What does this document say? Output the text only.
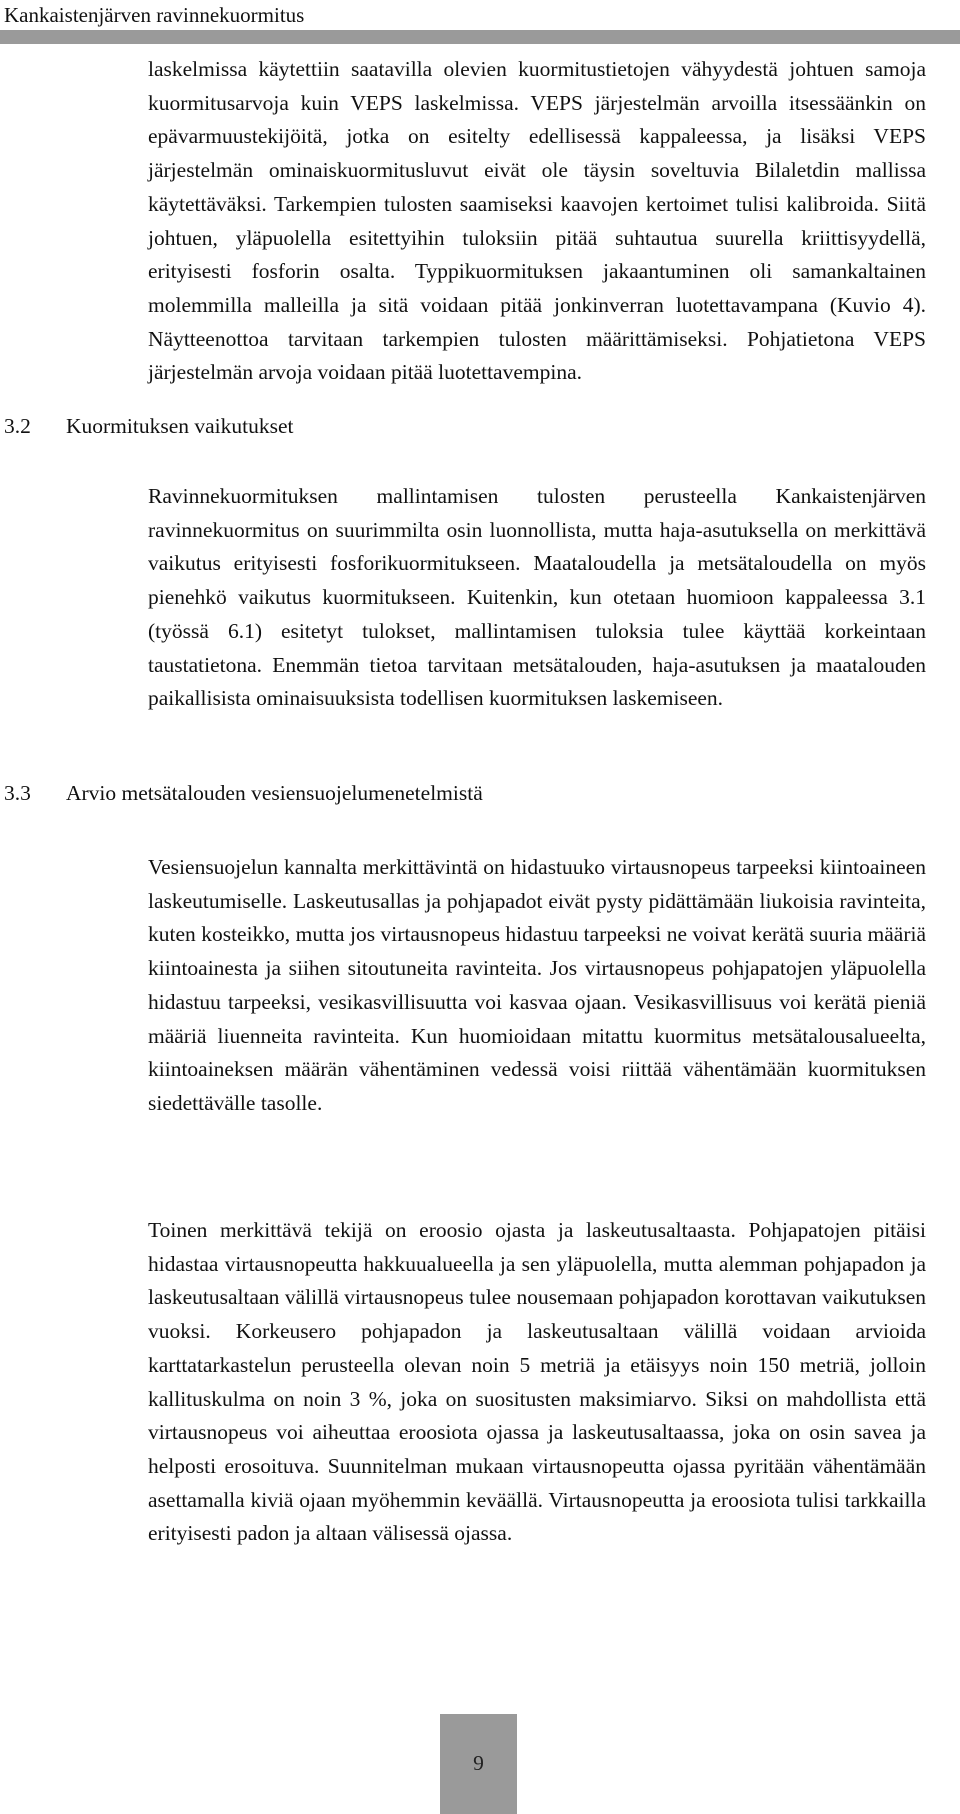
Kankaistenjärven ravinnekuormitus

laskelmissa käytettiin saatavilla olevien kuormitustietojen vähyydestä johtuen samoja kuormitusarvoja kuin VEPS laskelmissa. VEPS järjestelmän arvoilla itsessäänkin on epävarmuustekijöitä, jotka on esitelty edellisessä kappaleessa, ja lisäksi VEPS järjestelmän ominaiskuormitusluvut eivät ole täysin soveltuvia Bilaletdin mallissa käytettäväksi. Tarkempien tulosten saamiseksi kaavojen kertoimet tulisi kalibroida. Siitä johtuen, yläpuolella esitettyihin tuloksiin pitää suhtautua suurella kriittisyydellä, erityisesti fosforin osalta. Typpikuormituksen jakaantuminen oli samankaltainen molemmilla malleilla ja sitä voidaan pitää jonkinverran luotettavampana (Kuvio 4). Näytteenottoa tarvitaan tarkempien tulosten määrittämiseksi. Pohjatietona VEPS järjestelmän arvoja voidaan pitää luotettavempina.

3.2 Kuormituksen vaikutukset

Ravinnekuormituksen mallintamisen tulosten perusteella Kankaistenjärven ravinnekuormitus on suurimmilta osin luonnollista, mutta haja-asutuksella on merkittävä vaikutus erityisesti fosforikuormitukseen. Maataloudella ja metsätaloudella on myös pienehkö vaikutus kuormitukseen. Kuitenkin, kun otetaan huomioon kappaleessa 3.1 (työssä 6.1) esitetyt tulokset, mallintamisen tuloksia tulee käyttää korkeintaan taustatietona. Enemmän tietoa tarvitaan metsätalouden, haja-asutuksen ja maatalouden paikallisista ominaisuuksista todellisen kuormituksen laskemiseen.

3.3 Arvio metsätalouden vesiensuojelumenetelmistä

Vesiensuojelun kannalta merkittävintä on hidastuuko virtausnopeus tarpeeksi kiintoaineen laskeutumiselle. Laskeutusallas ja pohjapadot eivät pysty pidättämään liukoisia ravinteita, kuten kosteikko, mutta jos virtausnopeus hidastuu tarpeeksi ne voivat kerätä suuria määriä kiintoainesta ja siihen sitoutuneita ravinteita. Jos virtausnopeus pohjapatojen yläpuolella hidastuu tarpeeksi, vesikasvillisuutta voi kasvaa ojaan. Vesikasvillisuus voi kerätä pieniä määriä liuenneita ravinteita. Kun huomioidaan mitattu kuormitus metsätalousalueelta, kiintoaineksen määrän vähentäminen vedessä voisi riittää vähentämään kuormituksen siedettävälle tasolle.

Toinen merkittävä tekijä on eroosio ojasta ja laskeutusaltaasta. Pohjapatojen pitäisi hidastaa virtausnopeutta hakkuualueella ja sen yläpuolella, mutta alemman pohjapadon ja laskeutusaltaan välillä virtausnopeus tulee nousemaan pohjapadon korottavan vaikutuksen vuoksi. Korkeusero pohjapadon ja laskeutusaltaan välillä voidaan arvioida karttatarkastelun perusteella olevan noin 5 metriä ja etäisyys noin 150 metriä, jolloin kallituskulma on noin 3 %, joka on suositusten maksimiarvo. Siksi on mahdollista että virtausnopeus voi aiheuttaa eroosiota ojassa ja laskeutusaltaassa, joka on osin savea ja helposti erosoituva. Suunnitelman mukaan virtausnopeutta ojassa pyritään vähentämään asettamalla kiviä ojaan myöhemmin keväällä. Virtausnopeutta ja eroosiota tulisi tarkkailla erityisesti padon ja altaan välisessä ojassa.

9
